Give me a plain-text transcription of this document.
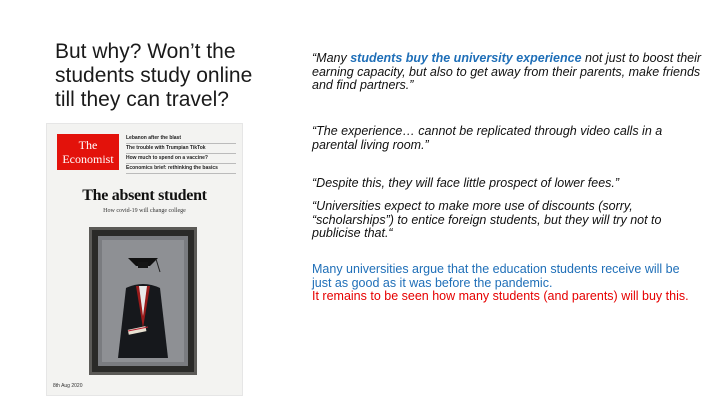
But why? Won’t the
students study online
till they can travel?
The
Economist
Lebanon after the blast
The trouble with Trumpian TikTok
How much to spend on a vaccine?
Economics brief: rethinking the basics
The absent student
How covid-19 will change college
8th Aug 2020
“Many students buy the university experience not just to boost their earning capacity, but also to get away from their parents, make friends and find partners.”
“The experience… cannot be replicated through video calls in a parental living room.”
“Despite this, they will face little prospect of lower fees.”
“Universities expect to make more use of discounts (sorry, “scholarships”) to entice foreign students, but they will try not to publicise that.“
Many universities argue that the education students receive will be just as good as it was before the pandemic.
It remains to be seen how many students (and parents) will buy this.
